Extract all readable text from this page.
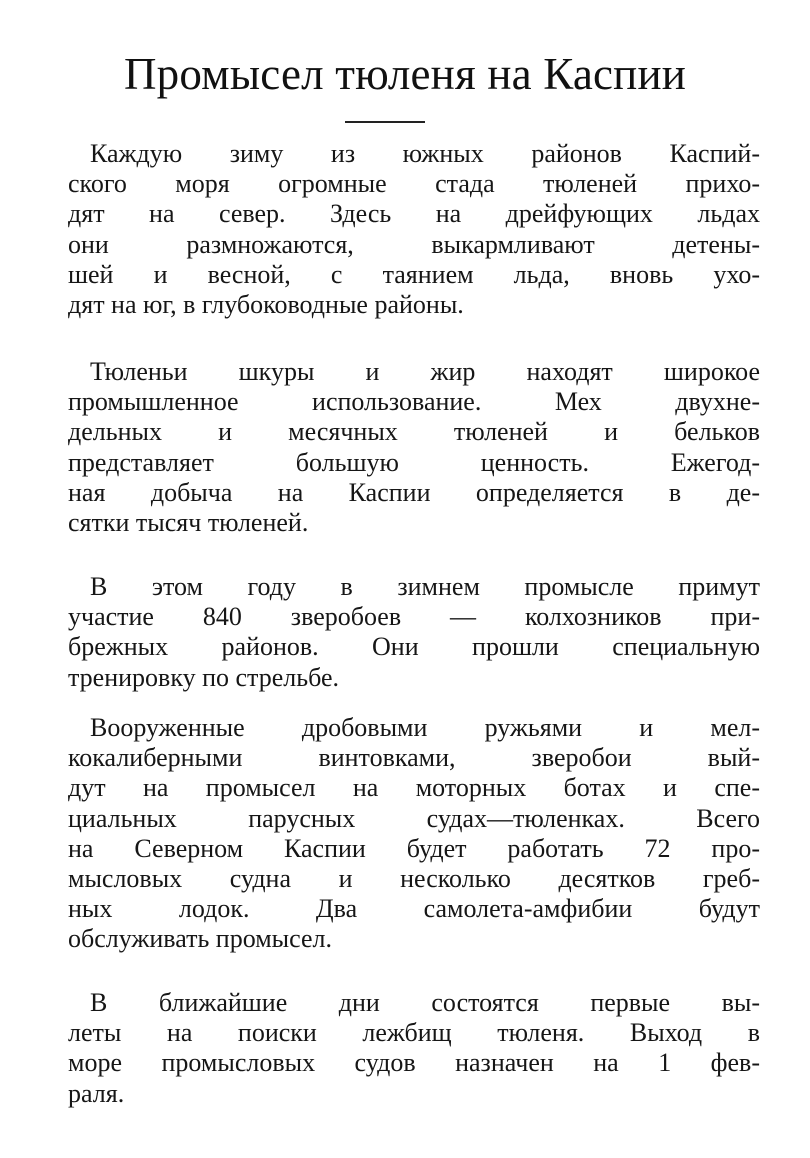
Промысел тюленя на Каспии

Каждую зиму из южных районов Каспий-
ского моря огромные стада тюленей прихо-
дят на север. Здесь на дрейфующих льдах
они размножаются, выкармливают детены-
шей и весной, с таянием льда, вновь ухо-
дят на юг, в глубоководные районы.

Тюленьи шкуры и жир находят широкое
промышленное использование. Мех двухне-
дельных и месячных тюленей и бельков
представляет большую ценность. Ежегод-
ная добыча на Каспии определяется в де-
сятки тысяч тюленей.

В этом году в зимнем промысле примут
участие 840 зверобоев — колхозников при-
брежных районов. Они прошли специальную
тренировку по стрельбе.

Вооруженные дробовыми ружьями и мел-
кокалиберными винтовками, зверобои вый-
дут на промысел на моторных ботах и спе-
циальных парусных судах—тюленках. Всего
на Северном Каспии будет работать 72 про-
мысловых судна и несколько десятков греб-
ных лодок. Два самолета-амфибии будут
обслуживать промысел.

В ближайшие дни состоятся первые вы-
леты на поиски лежбищ тюленя. Выход в
море промысловых судов назначен на 1 фев-
раля.
